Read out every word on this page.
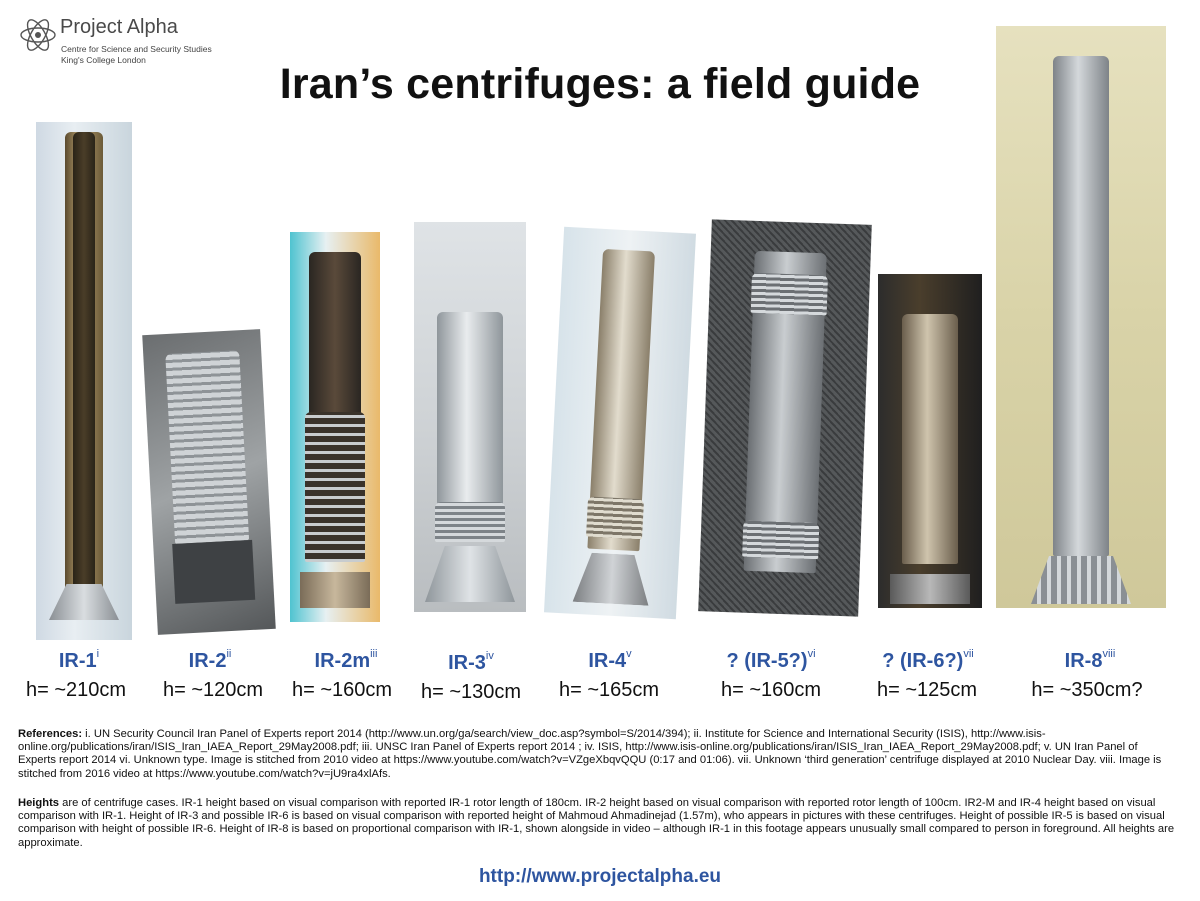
Project Alpha
Centre for Science and Security Studies
King's College London	Iran’s centrifuges: a field guide
IR-1$^i$
h= ~210cm
IR-2$^{ii}$
h= ~120cm
$IR-2m^{iii}$
h= ~160cm
IR-3$^{iv}$
h= ~130cm
IR-4$^v$
h= ~165cm
? (IR-5?)$^{vi}$
h= ~160cm
? (IR-6?)$^{vii}$
h= ~125cm
IR-8$^{viii}$
h= ~350cm?
References: i. UN Security Council Iran Panel of Experts report 2014 (http://www.un.org/ga/search/view_doc.asp?symbol=S/2014/394); ii. Institute for Science and International Security (ISIS), http://www.isis-online.org/publications/iran/ISIS_Iran_IAEA_Report_29May2008.pdf; iii. UNSC Iran Panel of Experts report 2014 ; iv. ISIS, http://www.isis-online.org/publications/iran/ISIS_Iran_IAEA_Report_29May2008.pdf; v. UN Iran Panel of Experts report 2014 vi. Unknown type. Image is stitched from 2010 video at https://www.youtube.com/watch?v=VZgeXbqvQQU (0:17 and 01:06). vii. Unknown ‘third generation’ centrifuge displayed at 2010 Nuclear Day. viii. Image is stitched from 2016 video at https://www.youtube.com/watch?v=jU9ra4xlAfs.
Heights are of centrifuge cases. IR-1 height based on visual comparison with reported IR-1 rotor length of 180cm. IR-2 height based on visual comparison with reported rotor length of 100cm. IR2-M and IR-4 height based on visual comparison with IR-1. Height of IR-3 and possible IR-6 is based on visual comparison with reported height of Mahmoud Ahmadinejad (1.57m), who appears in pictures with these centrifuges. Height of possible IR-5 is based on visual comparison with height of possible IR-6. Height of IR-8 is based on proportional comparison with IR-1, shown alongside in video – although IR-1 in this footage appears unusually small compared to person in foreground. All heights are approximate.
http://www.projectalpha.eu
